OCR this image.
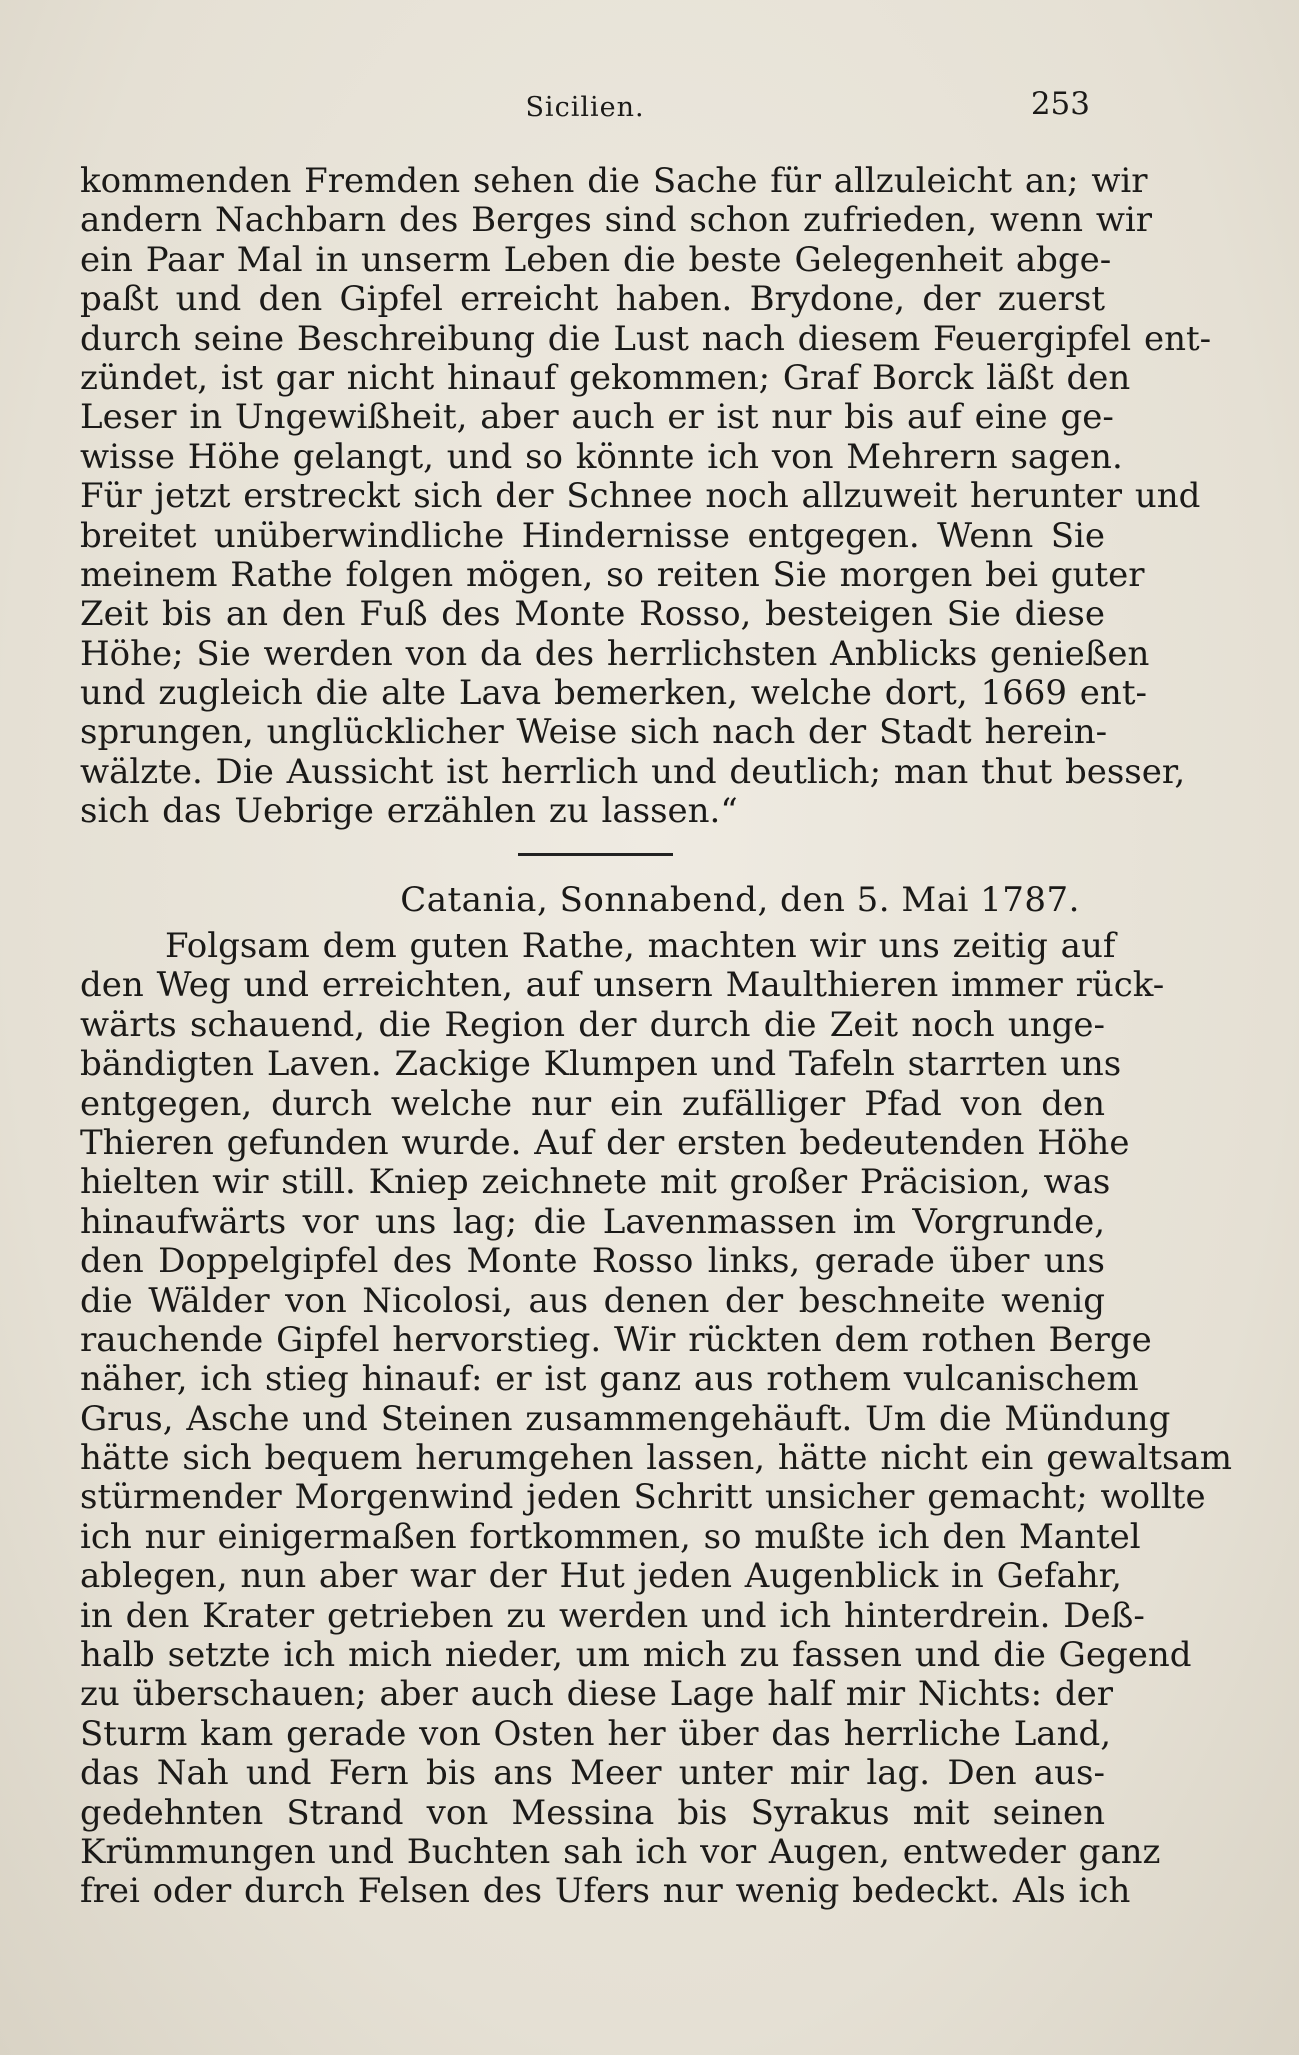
Sicilien.	253
kommenden Fremden sehen die Sache für allzuleicht an; wir
andern Nachbarn des Berges sind schon zufrieden, wenn wir
ein Paar Mal in unserm Leben die beste Gelegenheit abge-
paßt und den Gipfel erreicht haben. Brydone, der zuerst
durch seine Beschreibung die Lust nach diesem Feuergipfel ent-
zündet, ist gar nicht hinauf gekommen; Graf Borck läßt den
Leser in Ungewißheit, aber auch er ist nur bis auf eine ge-
wisse Höhe gelangt, und so könnte ich von Mehrern sagen.
Für jetzt erstreckt sich der Schnee noch allzuweit herunter und
breitet unüberwindliche Hindernisse entgegen. Wenn Sie
meinem Rathe folgen mögen, so reiten Sie morgen bei guter
Zeit bis an den Fuß des Monte Rosso, besteigen Sie diese
Höhe; Sie werden von da des herrlichsten Anblicks genießen
und zugleich die alte Lava bemerken, welche dort, 1669 ent-
sprungen, unglücklicher Weise sich nach der Stadt herein-
wälzte. Die Aussicht ist herrlich und deutlich; man thut besser,
sich das Uebrige erzählen zu lassen.“
Catania, Sonnabend, den 5. Mai 1787.
Folgsam dem guten Rathe, machten wir uns zeitig auf
den Weg und erreichten, auf unsern Maulthieren immer rück-
wärts schauend, die Region der durch die Zeit noch unge-
bändigten Laven. Zackige Klumpen und Tafeln starrten uns
entgegen, durch welche nur ein zufälliger Pfad von den
Thieren gefunden wurde. Auf der ersten bedeutenden Höhe
hielten wir still. Kniep zeichnete mit großer Präcision, was
hinaufwärts vor uns lag; die Lavenmassen im Vorgrunde,
den Doppelgipfel des Monte Rosso links, gerade über uns
die Wälder von Nicolosi, aus denen der beschneite wenig
rauchende Gipfel hervorstieg. Wir rückten dem rothen Berge
näher, ich stieg hinauf: er ist ganz aus rothem vulcanischem
Grus, Asche und Steinen zusammengehäuft. Um die Mündung
hätte sich bequem herumgehen lassen, hätte nicht ein gewaltsam
stürmender Morgenwind jeden Schritt unsicher gemacht; wollte
ich nur einigermaßen fortkommen, so mußte ich den Mantel
ablegen, nun aber war der Hut jeden Augenblick in Gefahr,
in den Krater getrieben zu werden und ich hinterdrein. Deß-
halb setzte ich mich nieder, um mich zu fassen und die Gegend
zu überschauen; aber auch diese Lage half mir Nichts: der
Sturm kam gerade von Osten her über das herrliche Land,
das Nah und Fern bis ans Meer unter mir lag. Den aus-
gedehnten Strand von Messina bis Syrakus mit seinen
Krümmungen und Buchten sah ich vor Augen, entweder ganz
frei oder durch Felsen des Ufers nur wenig bedeckt. Als ich
